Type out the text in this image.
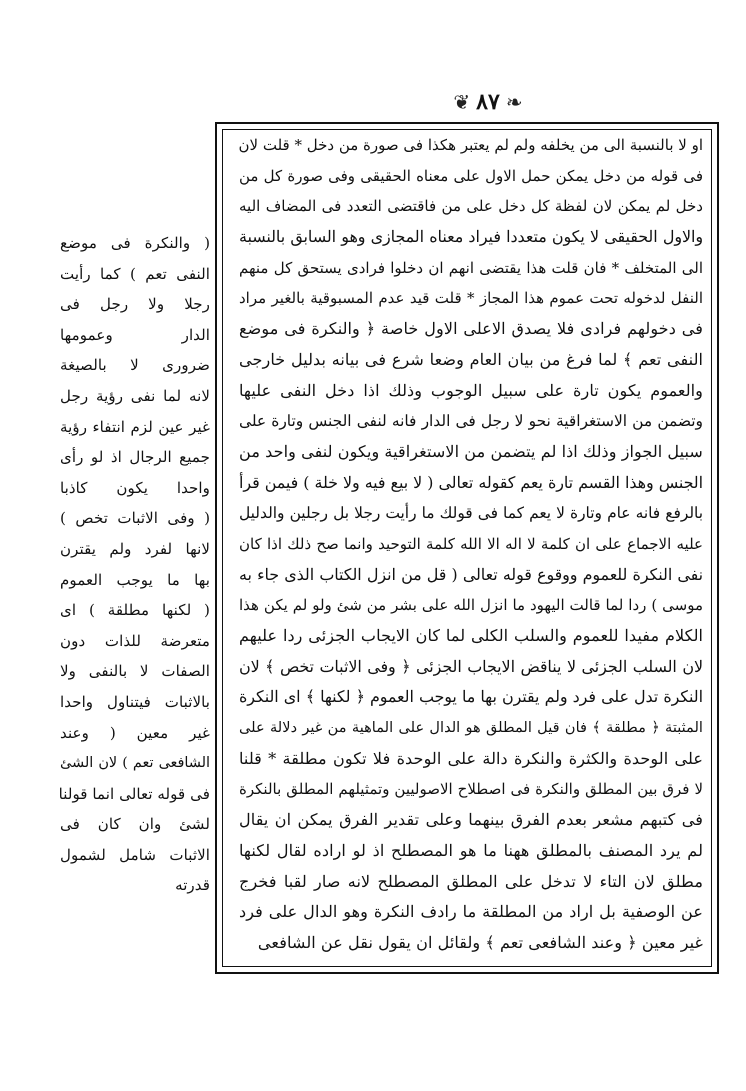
❦ ٨٧ ❧
او لا بالنسبة الى من يخلفه ولم لم يعتبر هكذا فى صورة من دخل * قلت لان
فى قوله من دخل يمكن حمل الاول على معناه الحقيقى وفى صورة كل من
دخل لم يمكن لان لفظة كل دخل على من فاقتضى التعدد فى المضاف اليه
والاول الحقيقى لا يكون متعددا فيراد معناه المجازى وهو السابق بالنسبة
الى المتخلف * فان قلت هذا يقتضى انهم ان دخلوا فرادى يستحق كل منهم
النفل لدخوله تحت عموم هذا المجاز * قلت قيد عدم المسبوقية بالغير مراد
فى دخولهم فرادى فلا يصدق الاعلى الاول خاصة ﴿ والنكرة فى موضع
النفى تعم ﴾ لما فرغ من بيان العام وضعا شرع فى بيانه بدليل خارجى
والعموم يكون تارة على سبيل الوجوب وذلك اذا دخل النفى عليها
وتضمن من الاستغراقية نحو لا رجل فى الدار فانه لنفى الجنس وتارة على
سبيل الجواز وذلك اذا لم يتضمن من الاستغراقية ويكون لنفى واحد من
الجنس وهذا القسم تارة يعم كقوله تعالى ( لا بيع فيه ولا خلة ) فيمن قرأ
بالرفع فانه عام وتارة لا يعم كما فى قولك ما رأيت رجلا بل رجلين والدليل
عليه الاجماع على ان كلمة لا اله الا الله كلمة التوحيد وانما صح ذلك اذا كان
نفى النكرة للعموم ووقوع قوله تعالى ( قل من انزل الكتاب الذى جاء به
موسى ) ردا لما قالت اليهود ما انزل الله على بشر من شئ ولو لم يكن هذا
الكلام مفيدا للعموم والسلب الكلى لما كان الايجاب الجزئى ردا عليهم
لان السلب الجزئى لا يناقض الايجاب الجزئى ﴿ وفى الاثبات تخص ﴾ لان
النكرة تدل على فرد ولم يقترن بها ما يوجب العموم ﴿ لكنها ﴾ اى النكرة
المثبتة ﴿ مطلقة ﴾ فان قيل المطلق هو الدال على الماهية من غير دلالة على
على الوحدة والكثرة والنكرة دالة على الوحدة فلا تكون مطلقة * قلنا
لا فرق بين المطلق والنكرة فى اصطلاح الاصوليين وتمثيلهم المطلق بالنكرة
فى كتبهم مشعر بعدم الفرق بينهما وعلى تقدير الفرق يمكن ان يقال
لم يرد المصنف بالمطلق ههنا ما هو المصطلح اذ لو اراده لقال لكنها
مطلق لان التاء لا تدخل على المطلق المصطلح لانه صار لقبا فخرج
عن الوصفية بل اراد من المطلقة ما رادف النكرة وهو الدال على فرد
غير معين ﴿ وعند الشافعى تعم ﴾ ولقائل ان يقول نقل عن الشافعى
( والنكرة فى موضع
النفى تعم ) كما رأيت
رجلا ولا رجل فى
الدار وعمومها
ضرورى لا بالصيغة
لانه لما نفى رؤية رجل
غير عين لزم انتفاء رؤية
جميع الرجال اذ لو رأى
واحدا يكون كاذبا
( وفى الاثبات تخص )
لانها لفرد ولم يقترن
بها ما يوجب العموم
( لكنها مطلقة ) اى
متعرضة للذات دون
الصفات لا بالنفى ولا
بالاثبات فيتناول واحدا
غير معين ( وعند
الشافعى تعم ) لان الشئ
فى قوله تعالى انما قولنا
لشئ وان كان فى
الاثبات شامل لشمول
قدرته
